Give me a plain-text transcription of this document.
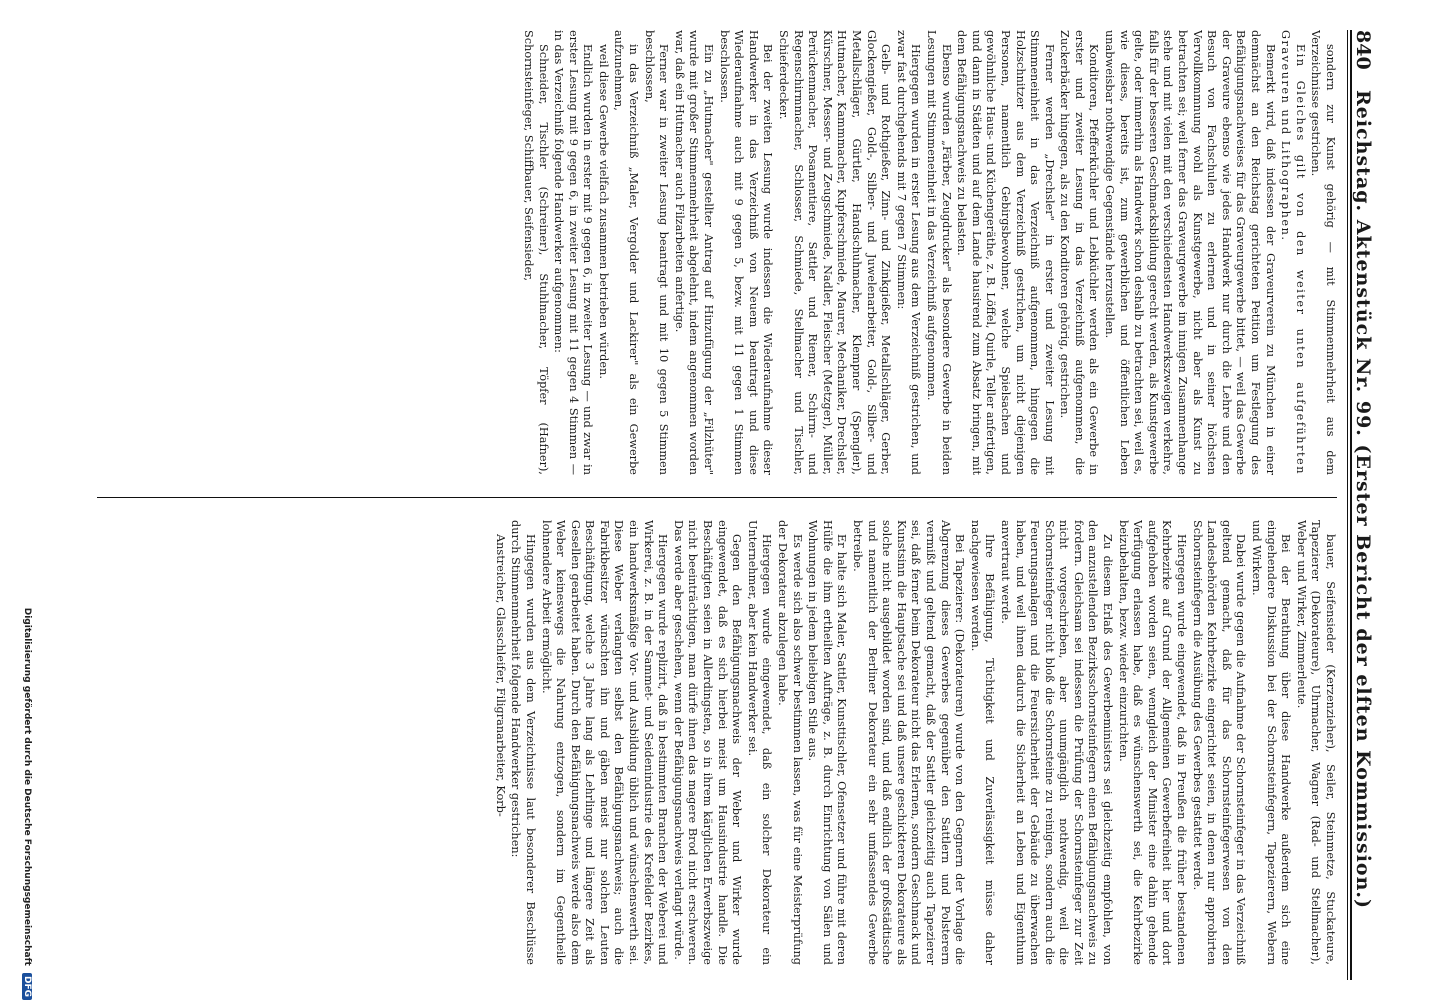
840
Reichstag. Aktenstück Nr. 99. (Erster Bericht der elften Kommission.)

sondern zur Kunst gehörig — mit Stimmenmehrheit aus dem Verzeichnisse gestrichen.

Ein Gleiches gilt von den weiter unten aufgeführten Graveuren und Lithographen.

Bemerkt wird, daß indessen der Graveurverein zu München in einer demnächst an den Reichstag gerichteten Petition um Festlegung des Befähigungsnachweises für das Graveurgewerbe bittet, — weil das Gewerbe der Graveure ebenso wie jedes Handwerk nur durch die Lehre und den Besuch von Fachschulen zu erlernen und in seiner höchsten Vervollkommnung wohl als Kunstgewerbe, nicht aber als Kunst zu betrachten sei; weil ferner das Graveurgewerbe im innigen Zusammenhange stehe und mit vielen mit den verschiedensten Handwerkszweigen verkehre, falls für der besseren Geschmacksbildung gerecht werden, als Kunstgewerbe gelte, oder immerhin als Handwerk schon deshalb zu betrachten sei, weil es, wie dieses, bereits ist, zum gewerblichen und öffentlichen Leben unabweisbar nothwendige Gegenstände herzustellen.

Konditoren, Pfefferküchler und Lebküchler werden als ein Gewerbe in erster und zweiter Lesung in das Verzeichniß aufgenommen, die Zuckerbäcker hingegen, als zu den Konditoren gehörig, gestrichen.

Ferner werden „Drechsler" in erster und zweiter Lesung mit Stimmeneinheit in das Verzeichniß aufgenommen, hingegen die Holzschnitzer aus dem Verzeichniß gestrichen, um nicht diejenigen Personen, namentlich Gebirgsbewohner, welche Spielsachen und gewöhnliche Haus- und Küchengeräthe, z. B. Löffel, Quirle, Teller anfertigen, und dann in Städten und auf dem Lande hausirend zum Absatz bringen, mit dem Befähigungsnachweis zu belasten.

Ebenso wurden „Färber, Zeugdrucker" als besondere Gewerbe in beiden Lesungen mit Stimmeneinheit in das Verzeichniß aufgenommen.

Hiergegen wurden in erster Lesung aus dem Verzeichniß gestrichen, und zwar fast durchgehends mit 7 gegen 7 Stimmen:

Gelb- und Rothgießer, Zinn- und Zinkgießer, Metallschläger, Gerber, Glockengießer, Gold-, Silber- und Juwelenarbeiter, Gold-, Silber- und Metallschläger, Gürtler, Handschuhmacher, Klempner (Spengler), Hutmacher, Kammmacher, Kupferschmiede, Maurer, Mechaniker, Drechsler, Kürschner, Messer- und Zeugschmiede, Nadler, Fleischer (Metzger), Müller, Perückenmacher, Posamentiere, Sattler und Riemer, Schirm- und Regenschirmmacher, Schlosser, Schmiede, Stellmacher und Tischler, Schieferdecker.

Bei der zweiten Lesung wurde indessen die Wiederaufnahme dieser Handwerker in das Verzeichniß von Neuem beantragt und diese Wiederaufnahme auch mit 9 gegen 5, bezw. mit 11 gegen 1 Stimmen beschlossen.

Ein zu „Hutmacher" gestellter Antrag auf Hinzufügung der „Filzhüter" wurde mit großer Stimmenmehrheit abgelehnt, indem angenommen worden war, daß ein Hutmacher auch Filzarbeiten anfertige.

Ferner war in zweiter Lesung beantragt und mit 10 gegen 5 Stimmen beschlossen,

in das Verzeichniß „Maler, Vergolder und Lackirer" als ein Gewerbe aufzunehmen,

weil diese Gewerbe vielfach zusammen betrieben würden.

Endlich wurden in erster mit 9 gegen 6, in zweiter Lesung — und zwar in erster Lesung mit 9 gegen 6, in zweiter Lesung mit 11 gegen 4 Stimmen — in das Verzeichniß folgende Handwerker aufgenommen:

Schneider, Tischler (Schreiner), Stuhlmacher, Töpfer (Hafner), Schornsteinfeger, Schiffbauer, Seifensieder,

bauer, Seifensieder (Kerzenzieher), Seiler, Steinmetze, Stuckateure, Tapezierer (Dekorateure), Uhrmacher, Wagner (Rad- und Stellmacher), Weber und Wirker, Zimmerleute.

Bei der Berathung über diese Handwerke außerdem sich eine eingehendere Diskussion bei der Schornsteinfegern, Tapezierern, Webern und Wirkern.

Dabei wurde gegen die Aufnahme der Schornsteinfeger in das Verzeichniß geltend gemacht, daß für das Schornsteinfegerwesen von den Landesbehörden Kehrbezirke eingerichtet seien, in denen nur approbirten Schornsteinfegern die Ausübung des Gewerbes gestattet werde.

Hiergegen wurde eingewendet, daß in Preußen die früher bestandenen Kehrbezirke auf Grund der Allgemeinen Gewerbefreiheit hier und dort aufgehoben worden seien, wenngleich der Minister eine dahin gehende Verfügung erlassen habe, daß es wünschenswerth sei, die Kehrbezirke beizubehalten, bezw. wieder einzurichten.

Zu diesem Erlaß des Gewerbeministers sei gleichzeitig empfohlen, von den anzustellenden Bezirksschornsteinfegern einen Befähigungsnachweis zu fordern. Gleichsam sei indessen die Prüfung der Schornsteinfeger zur Zeit nicht vorgeschrieben, aber unumgänglich nothwendig, weil die Schornsteinfeger nicht bloß die Schornsteine zu reinigen, sondern auch die Feuerungsanlagen und die Feuersicherheit der Gebäude zu überwachen haben, und weil ihnen dadurch die Sicherheit an Leben und Eigenthum anvertraut werde.

Ihre Befähigung, Tüchtigkeit und Zuverlässigkeit müsse daher nachgewiesen werden.

Bei Tapezierer: (Dekorateuren) wurde von den Gegnern der Vorlage die Abgrenzung dieses Gewerbes gegenüber den Sattlern und Polsterern vermißt und geltend gemacht, daß der Sattler gleichzeitig auch Tapezierer sei, daß ferner beim Dekorateur nicht das Erlernen, sondern Geschmack und Kunstsinn die Hauptsache sei und daß unsere geschickteren Dekorateure als solche nicht ausgebildet worden sind, und daß endlich der großstädtische und namentlich der Berliner Dekorateur ein sehr umfassendes Gewerbe betreibe.

Er halte sich Maler, Sattler, Kunsttischler, Ofensetzer und führe mit deren Hülfe die ihm ertheilten Aufträge, z. B. durch Einrichtung von Sälen und Wohnungen in jedem beliebigen Stile aus.

Es werde sich also schwer bestimmen lassen, was für eine Meisterprüfung der Dekorateur abzulegen habe.

Hiergegen wurde eingewendet, daß ein solcher Dekorateur ein Unternehmer, aber kein Handwerker sei.

Gegen den Befähigungsnachweis der Weber und Wirker wurde eingewendet, daß es sich hierbei meist um Hausindustrie handle. Die Beschäftigten seien in Allerdingsten, so in ihrem kärglichen Erwerbszweige nicht beeinträchtigen, man dürfe ihnen das magere Brod nicht erschweren. Das werde aber geschehen, wenn der Befähigungsnachweis verlangt würde.

Hiergegen wurde replizirt, daß in bestimmten Branchen der Weberei und Wirkerei, z. B. in der Sammet- und Seidenindustrie des Krefelder Bezirkes, ein handwerksmäßige Vor- und Ausbildung üblich und wünschenswerth sei. Diese Weber verlangten selbst den Befähigungsnachweis; auch die Fabrikbesitzer wünschten ihn und gäben meist nur solchen Leuten Beschäftigung, welche 3 Jahre lang als Lehrlinge und längere Zeit als Gesellen gearbeitet haben. Durch den Befähigungsnachweis werde also dem Weber keineswegs die Nahrung entzogen, sondern im Gegentheile lohnendere Arbeit ermöglicht.

Hingegen wurden aus dem Verzeichnisse laut besonderer Beschlüsse durch Stimmenmehrheit folgende Handwerker gestrichen:

Anstreicher, Glasschleifer, Filigranarbeiter, Korb-

Digitalisierung gefördert durch die Deutsche Forschungsgemeinschaft DFG
